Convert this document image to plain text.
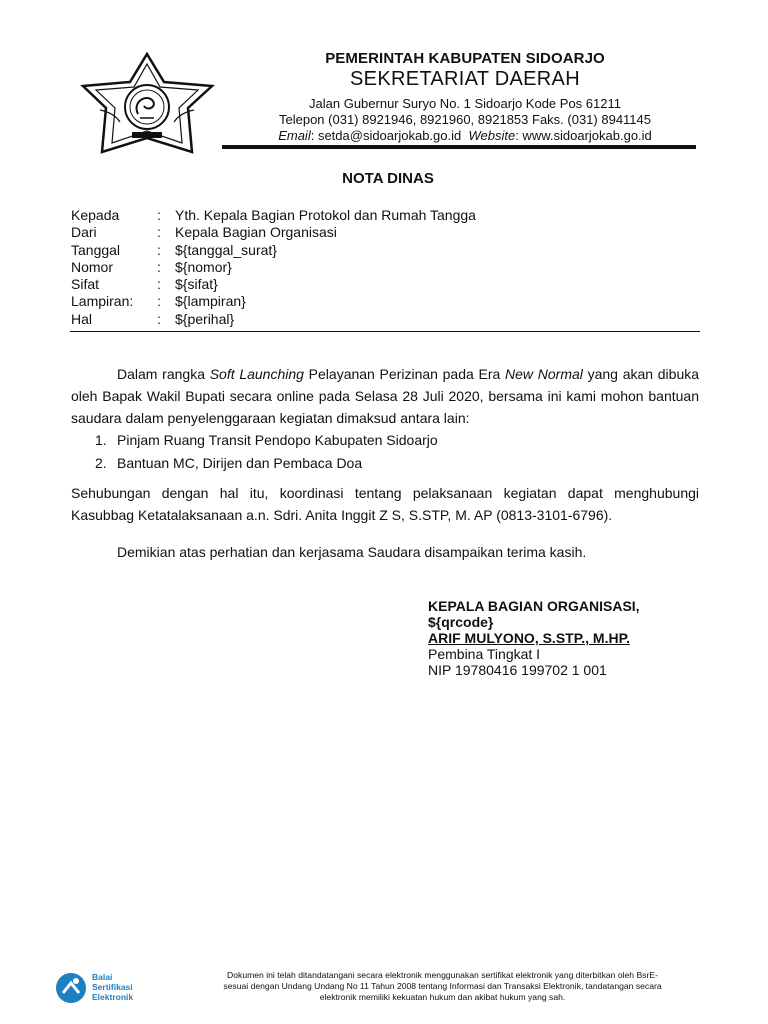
PEMERINTAH KABUPATEN SIDOARJO
SEKRETARIAT DAERAH
Jalan Gubernur Suryo No. 1 Sidoarjo Kode Pos 61211
Telepon (031) 8921946, 8921960, 8921853 Faks. (031) 8941145
Email: setda@sidoarjokab.go.id Website: www.sidoarjokab.go.id
NOTA DINAS
Kepada	: Yth. Kepala Bagian Protokol dan Rumah Tangga
Dari	: Kepala Bagian Organisasi
Tanggal	: ${tanggal_surat}
Nomor	: ${nomor}
Sifat	: ${sifat}
Lampiran: : ${lampiran}
Hal	: ${perihal}

Dalam rangka Soft Launching Pelayanan Perizinan pada Era New Normal yang akan dibuka oleh Bapak Wakil Bupati secara online pada Selasa 28 Juli 2020, bersama ini kami mohon bantuan saudara dalam penyelenggaraan kegiatan dimaksud antara lain:

1. Pinjam Ruang Transit Pendopo Kabupaten Sidoarjo
2. Bantuan MC, Dirijen dan Pembaca Doa

Sehubungan dengan hal itu, koordinasi tentang pelaksanaan kegiatan dapat menghubungi Kasubbag Ketatalaksanaan a.n. Sdri. Anita Inggit Z S, S.STP, M. AP (0813-3101-6796).

Demikian atas perhatian dan kerjasama Saudara disampaikan terima kasih.

KEPALA BAGIAN ORGANISASI,
${qrcode}
ARIF MULYONO, S.STP., M.HP.
Pembina Tingkat I
NIP 19780416 199702 1 001
Balai
Sertifikasi
Elektronik
Dokumen ini telah ditandatangani secara elektronik menggunakan sertifikat elektronik yang diterbitkan oleh BsrE-
sesuai dengan Undang Undang No 11 Tahun 2008 tentang Informasi dan Transaksi Elektronik, tandatangan secara
elektronik memiliki kekuatan hukum dan akibat hukum yang sah.
